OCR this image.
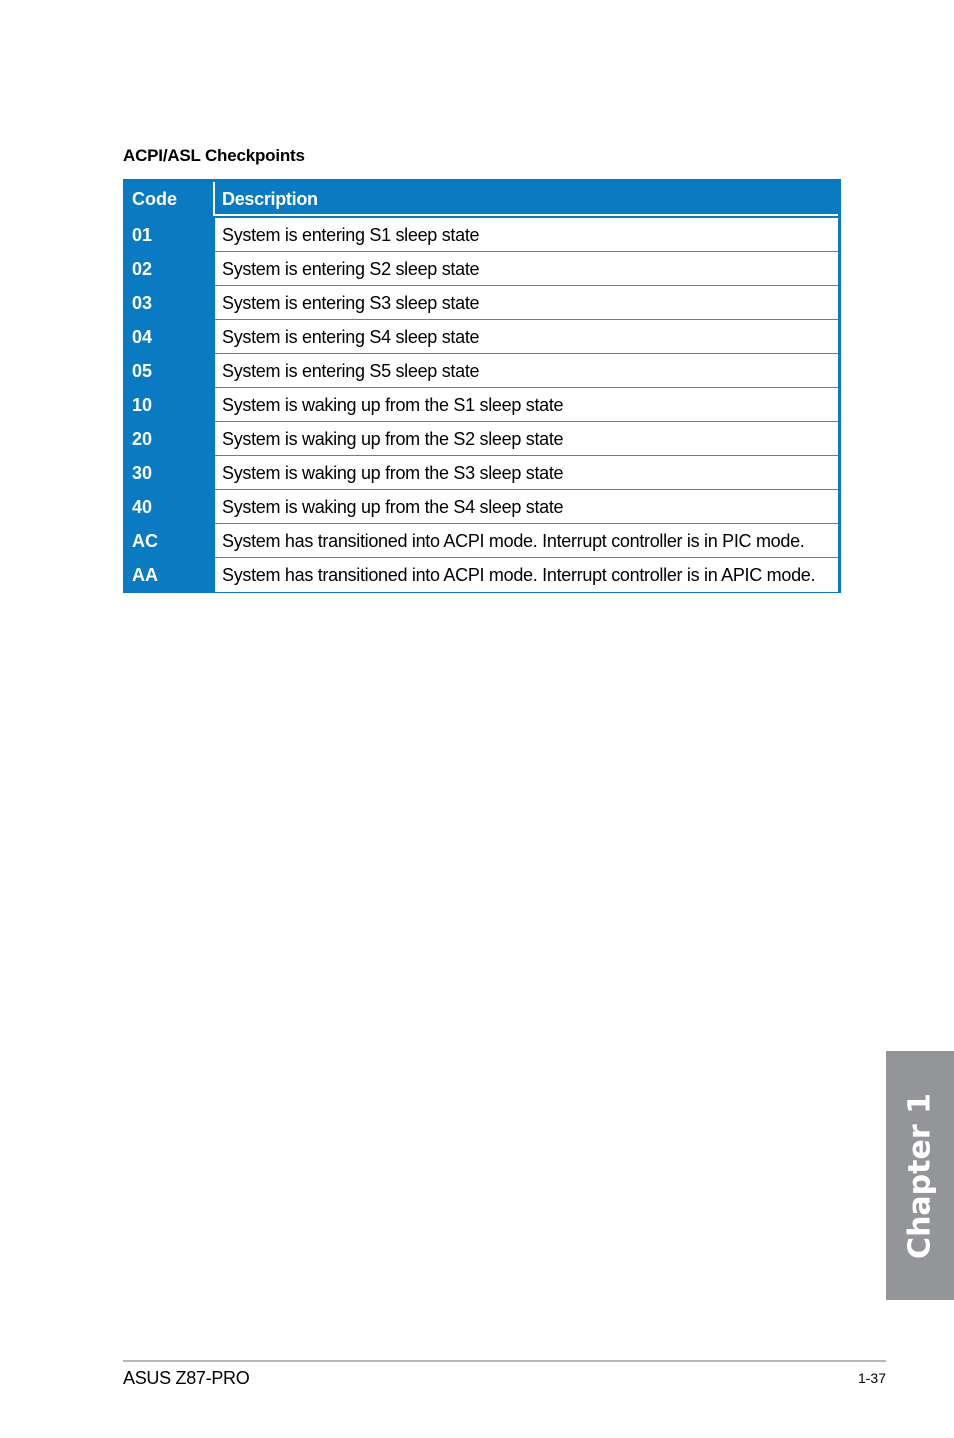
ACPI/ASL Checkpoints
Code	Description
01	System is entering S1 sleep state
02	System is entering S2 sleep state
03	System is entering S3 sleep state
04	System is entering S4 sleep state
05	System is entering S5 sleep state
10	System is waking up from the S1 sleep state
20	System is waking up from the S2 sleep state
30	System is waking up from the S3 sleep state
40	System is waking up from the S4 sleep state
AC	System has transitioned into ACPI mode. Interrupt controller is in PIC mode.
AA	System has transitioned into ACPI mode. Interrupt controller is in APIC mode.
Chapter 1
ASUS Z87-PRO	1-37
